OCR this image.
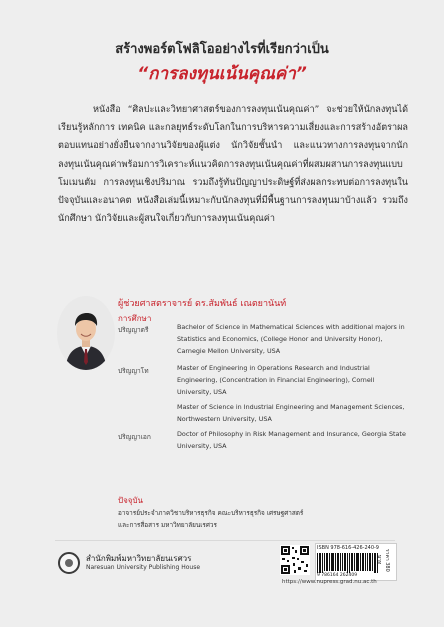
สร้างพอร์ตโฟลิโออย่างไรที่เรียกว่าเป็น
“การลงทุนเน้นคุณค่า”
หนังสือ “ศิลปะและวิทยาศาสตร์ของการลงทุนเน้นคุณค่า” จะช่วยให้นักลงทุนได้เรียนรู้หลักการ เทคนิค และกลยุทธ์ระดับโลกในการบริหารความเสี่ยงและการสร้างอัตราผลตอบแทนอย่างยั่งยืนจากงานวิจัยของผู้แต่ง นักวิจัยชั้นนำ และแนวทางการลงทุนจากนักลงทุนเน้นคุณค่าพร้อมการวิเคราะห์แนวคิดการลงทุนเน้นคุณค่าที่ผสมผสานการลงทุนแบบโมเมนตัม การลงทุนเชิงปริมาณ รวมถึงรู้ทันปัญญาประดิษฐ์ที่ส่งผลกระทบต่อการลงทุนในปัจจุบันและอนาคต หนังสือเล่มนี้เหมาะกับนักลงทุนที่มีพื้นฐานการลงทุนมาบ้างแล้ว รวมถึงนักศึกษา นักวิจัยและผู้สนใจเกี่ยวกับการลงทุนเน้นคุณค่า
ผู้ช่วยศาสตราจารย์ ดร.สัมพันธ์ เณตยานันท์
การศึกษา
ปริญญาตรี	Bachelor of Science in Mathematical Sciences with additional majors in Statistics and Economics, (College Honor and University Honor), Carnegie Mellon University, USA
ปริญญาโท	Master of Engineering in Operations Research and Industrial Engineering, (Concentration in Financial Engineering), Cornell University, USA
Master of Science in Industrial Engineering and Management Sciences, Northwestern University, USA
ปริญญาเอก	Doctor of Philosophy in Risk Management and Insurance, Georgia State University, USA
ปัจจุบัน
อาจารย์ประจำภาควิชาบริหารธุรกิจ คณะบริหารธุรกิจ เศรษฐศาสตร์และการสื่อสาร มหาวิทยาลัยนเรศวร
สำนักพิมพ์มหาวิทยาลัยนเรศวร
Naresuan University Publishing House
ISBN 978-616-426-240-9
9 786164 262409
ราคา 380 บาท
https://www.nupress.grad.nu.ac.th
